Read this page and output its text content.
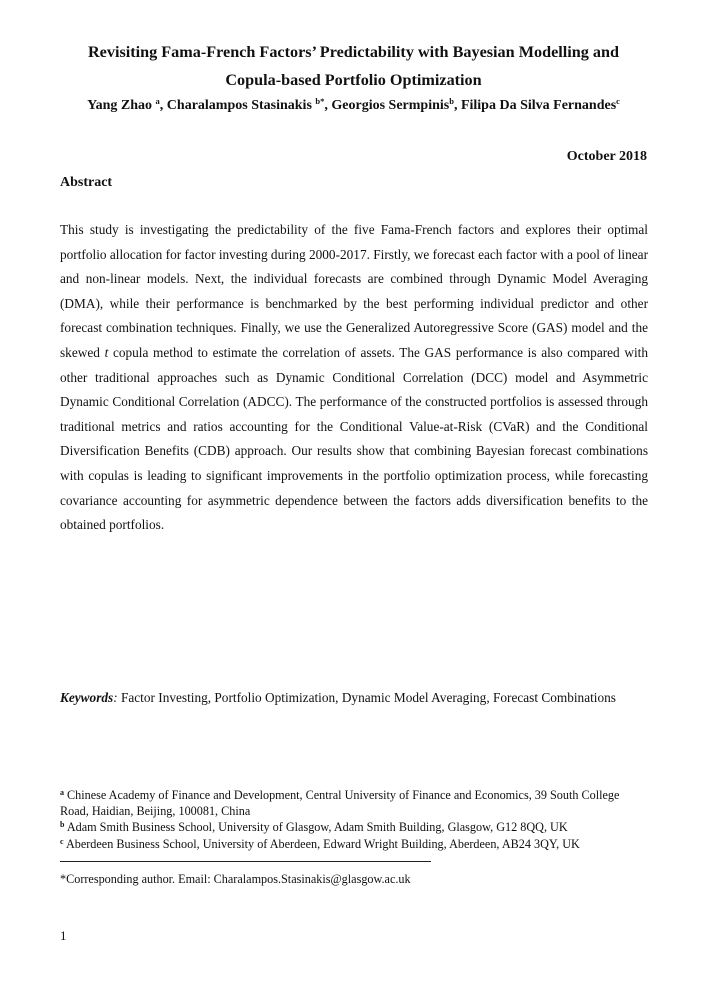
Revisiting Fama-French Factors’ Predictability with Bayesian Modelling and
Copula-based Portfolio Optimization
Yang Zhao $^a$, Charalampos Stasinakis $^{b*}$, Georgios Sermpinis$^b$, Filipa Da Silva Fernandes$^c$
October 2018
Abstract
This study is investigating the predictability of the five Fama-French factors and explores their optimal portfolio allocation for factor investing during 2000-2017. Firstly, we forecast each factor with a pool of linear and non-linear models. Next, the individual forecasts are combined through Dynamic Model Averaging (DMA), while their performance is benchmarked by the best performing individual predictor and other forecast combination techniques. Finally, we use the Generalized Autoregressive Score (GAS) model and the skewed t copula method to estimate the correlation of assets. The GAS performance is also compared with other traditional approaches such as Dynamic Conditional Correlation (DCC) model and Asymmetric Dynamic Conditional Correlation (ADCC). The performance of the constructed portfolios is assessed through traditional metrics and ratios accounting for the Conditional Value-at-Risk (CVaR) and the Conditional Diversification Benefits (CDB) approach. Our results show that combining Bayesian forecast combinations with copulas is leading to significant improvements in the portfolio optimization process, while forecasting covariance accounting for asymmetric dependence between the factors adds diversification benefits to the obtained portfolios.
Keywords: Factor Investing, Portfolio Optimization, Dynamic Model Averaging, Forecast Combinations
$^a$ Chinese Academy of Finance and Development, Central University of Finance and Economics, 39 South College Road, Haidian, Beijing, 100081, China
$^b$ Adam Smith Business School, University of Glasgow, Adam Smith Building, Glasgow, G12 8QQ, UK
$^c$ Aberdeen Business School, University of Aberdeen, Edward Wright Building, Aberdeen, AB24 3QY, UK
*Corresponding author. Email: Charalampos.Stasinakis@glasgow.ac.uk
1
